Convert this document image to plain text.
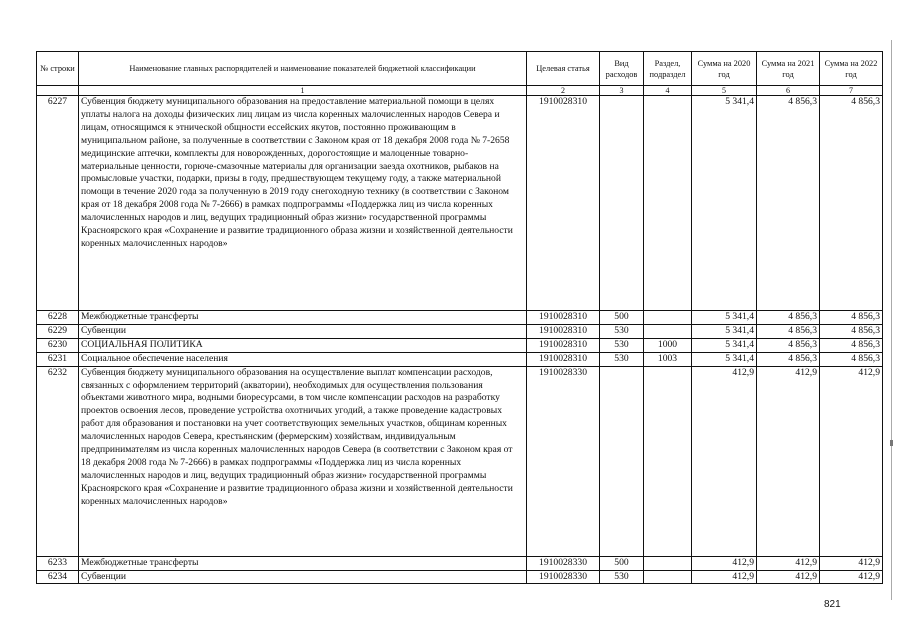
№ строки	Наименование главных распорядителей и наименование показателей бюджетной классификации	Целевая статья	Вид расходов	Раздел, подраздел	Сумма на 2020 год	Сумма на 2021 год	Сумма на 2022 год
	1	2	3	4	5	6	7
6227	Субвенция бюджету муниципального образования на предоставление материальной помощи в целях уплаты налога на доходы физических лиц лицам из числа коренных малочисленных народов Севера и лицам, относящимся к этнической общности ессейских якутов, постоянно проживающим в муниципальном районе, за полученные в соответствии с Законом края от 18 декабря 2008 года № 7-2658 медицинские аптечки, комплекты для новорожденных, дорогостоящие и малоценные товарно-материальные ценности, горюче-смазочные материалы для организации заезда охотников, рыбаков на промысловые участки, подарки, призы в году, предшествующем текущему году, а также материальной помощи в течение 2020 года за полученную в 2019 году снегоходную технику (в соответствии с Законом края от 18 декабря 2008 года № 7-2666) в рамках подпрограммы «Поддержка лиц из числа коренных малочисленных народов и лиц, ведущих традиционный образ жизни» государственной программы Красноярского края «Сохранение и развитие традиционного образа жизни и хозяйственной деятельности коренных малочисленных народов»	1910028310			5 341,4	4 856,3	4 856,3
6228	Межбюджетные трансферты	1910028310	500		5 341,4	4 856,3	4 856,3
6229	Субвенции	1910028310	530		5 341,4	4 856,3	4 856,3
6230	СОЦИАЛЬНАЯ ПОЛИТИКА	1910028310	530	1000	5 341,4	4 856,3	4 856,3
6231	Социальное обеспечение населения	1910028310	530	1003	5 341,4	4 856,3	4 856,3
6232	Субвенция бюджету муниципального образования на осуществление выплат компенсации расходов, связанных с оформлением территорий (акватории), необходимых для осуществления пользования объектами животного мира, водными биоресурсами, в том числе компенсации расходов на разработку проектов освоения лесов, проведение устройства охотничьих угодий, а также проведение кадастровых работ для образования и постановки на учет соответствующих земельных участков, общинам коренных малочисленных народов Севера, крестьянским (фермерским) хозяйствам, индивидуальным предпринимателям из числа коренных малочисленных народов Севера (в соответствии с Законом края от 18 декабря 2008 года № 7-2666) в рамках подпрограммы «Поддержка лиц из числа коренных малочисленных народов и лиц, ведущих традиционный образ жизни» государственной программы Красноярского края «Сохранение и развитие традиционного образа жизни и хозяйственной деятельности коренных малочисленных народов»	1910028330			412,9	412,9	412,9
6233	Межбюджетные трансферты	1910028330	500		412,9	412,9	412,9
6234	Субвенции	1910028330	530		412,9	412,9	412,9
821
